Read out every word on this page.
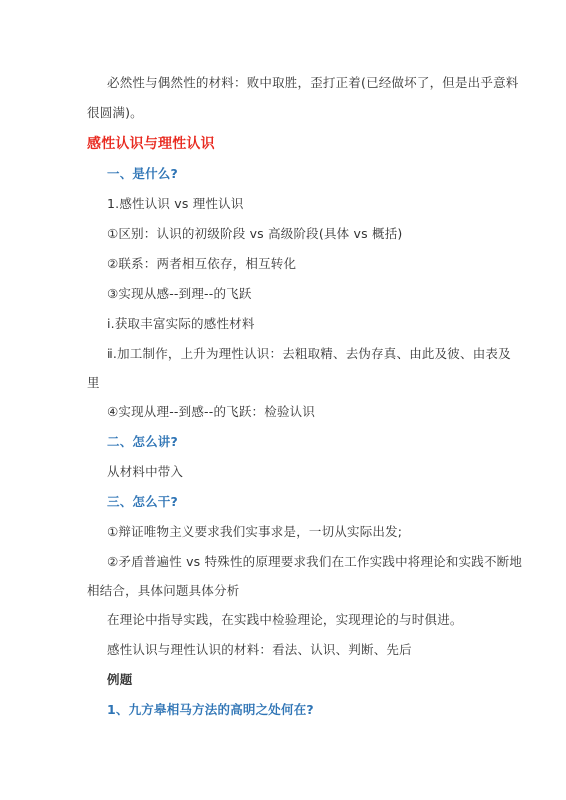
必然性与偶然性的材料：败中取胜，歪打正着(已经做坏了，但是出乎意料
很圆满)。
感性认识与理性认识
一、是什么?
1.感性认识 vs 理性认识
①区别：认识的初级阶段 vs 高级阶段(具体 vs 概括)
②联系：两者相互依存，相互转化
③实现从感--到理--的飞跃
ⅰ.获取丰富实际的感性材料
ⅱ.加工制作，上升为理性认识：去粗取精、去伪存真、由此及彼、由表及
里
④实现从理--到感--的飞跃：检验认识
二、怎么讲?
从材料中带入
三、怎么干?
①辩证唯物主义要求我们实事求是，一切从实际出发;
②矛盾普遍性 vs 特殊性的原理要求我们在工作实践中将理论和实践不断地
相结合，具体问题具体分析
在理论中指导实践，在实践中检验理论，实现理论的与时俱进。
感性认识与理性认识的材料：看法、认识、判断、先后
例题
1、九方皋相马方法的高明之处何在?
